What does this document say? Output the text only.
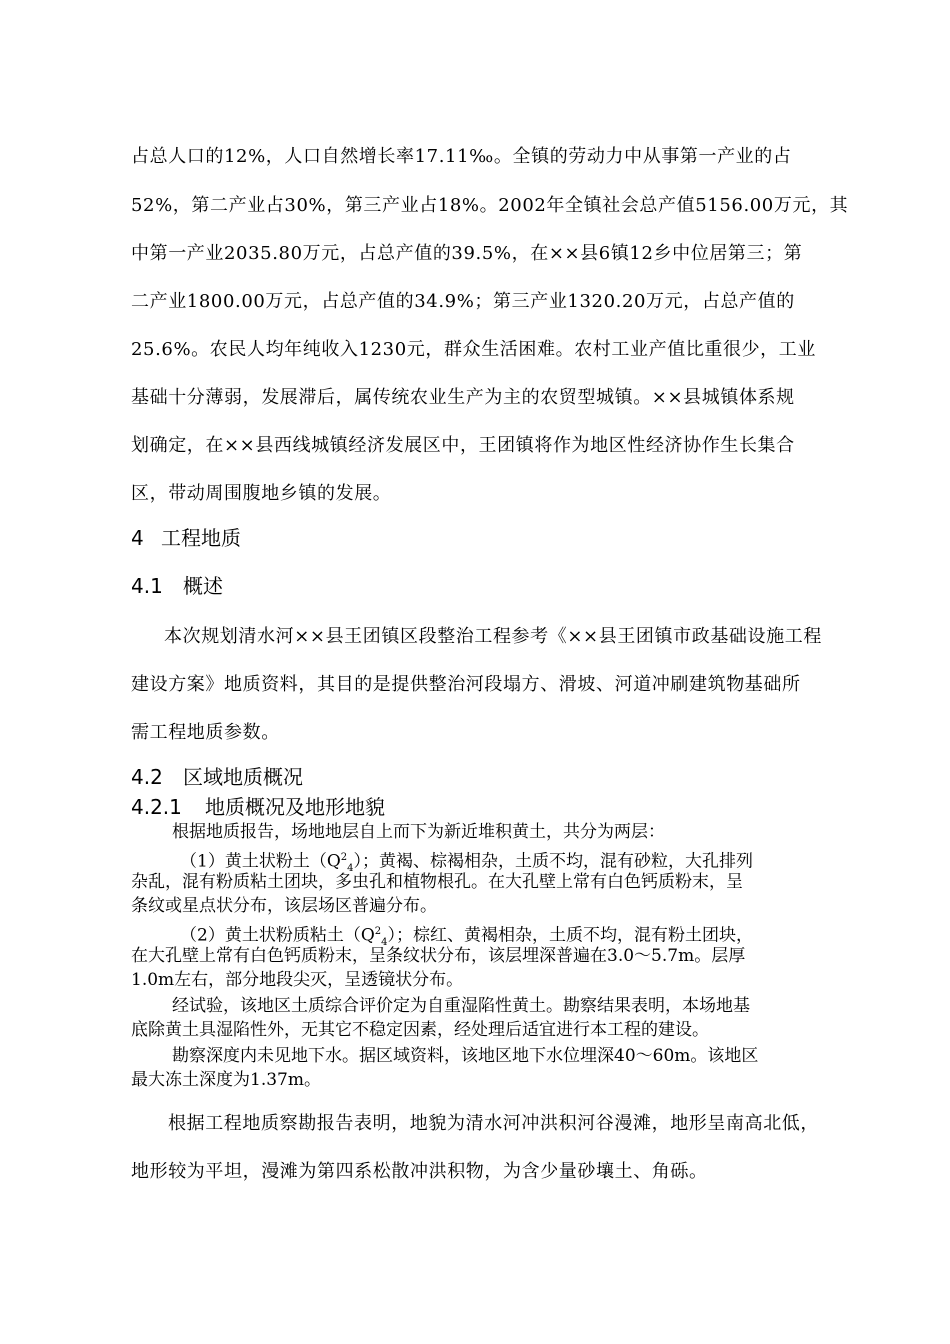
占总人口的12%，人口自然增长率17.11‰。全镇的劳动力中从事第一产业的占
52%，第二产业占30%，第三产业占18%。2002年全镇社会总产值5156.00万元，其
中第一产业2035.80万元，占总产值的39.5%，在××县6镇12乡中位居第三；第
二产业1800.00万元，占总产值的34.9%；第三产业1320.20万元，占总产值的
25.6%。农民人均年纯收入1230元，群众生活困难。农村工业产值比重很少，工业
基础十分薄弱，发展滞后，属传统农业生产为主的农贸型城镇。××县城镇体系规
划确定，在××县西线城镇经济发展区中，王团镇将作为地区性经济协作生长集合
区，带动周围腹地乡镇的发展。
4 工程地质
4.1 概述
本次规划清水河××县王团镇区段整治工程参考《××县王团镇市政基础设施工程
建设方案》地质资料，其目的是提供整治河段塌方、滑坡、河道冲刷建筑物基础所
需工程地质参数。
4.2 区域地质概况
4.2.1 地质概况及地形地貌
根据地质报告，场地地层自上而下为新近堆积黄土，共分为两层：
（1）黄土状粉土$(Q^2_4)$；黄褐、棕褐相杂，土质不均，混有砂粒，大孔排列
杂乱，混有粉质粘土团块，多虫孔和植物根孔。在大孔壁上常有白色钙质粉末，呈
条纹或星点状分布，该层场区普遍分布。
（2）黄土状粉质粘土$(Q^2_4)$；棕红、黄褐相杂，土质不均，混有粉土团块，
在大孔壁上常有白色钙质粉末，呈条纹状分布，该层埋深普遍在3.0～5.7m。层厚
1.0m左右，部分地段尖灭，呈透镜状分布。
经试验，该地区土质综合评价定为自重湿陷性黄土。勘察结果表明，本场地基
底除黄土具湿陷性外，无其它不稳定因素，经处理后适宜进行本工程的建设。
勘察深度内未见地下水。据区域资料，该地区地下水位埋深40～60m。该地区
最大冻土深度为1.37m。
根据工程地质察勘报告表明，地貌为清水河冲洪积河谷漫滩，地形呈南高北低，
地形较为平坦，漫滩为第四系松散冲洪积物，为含少量砂壤土、角砾。
